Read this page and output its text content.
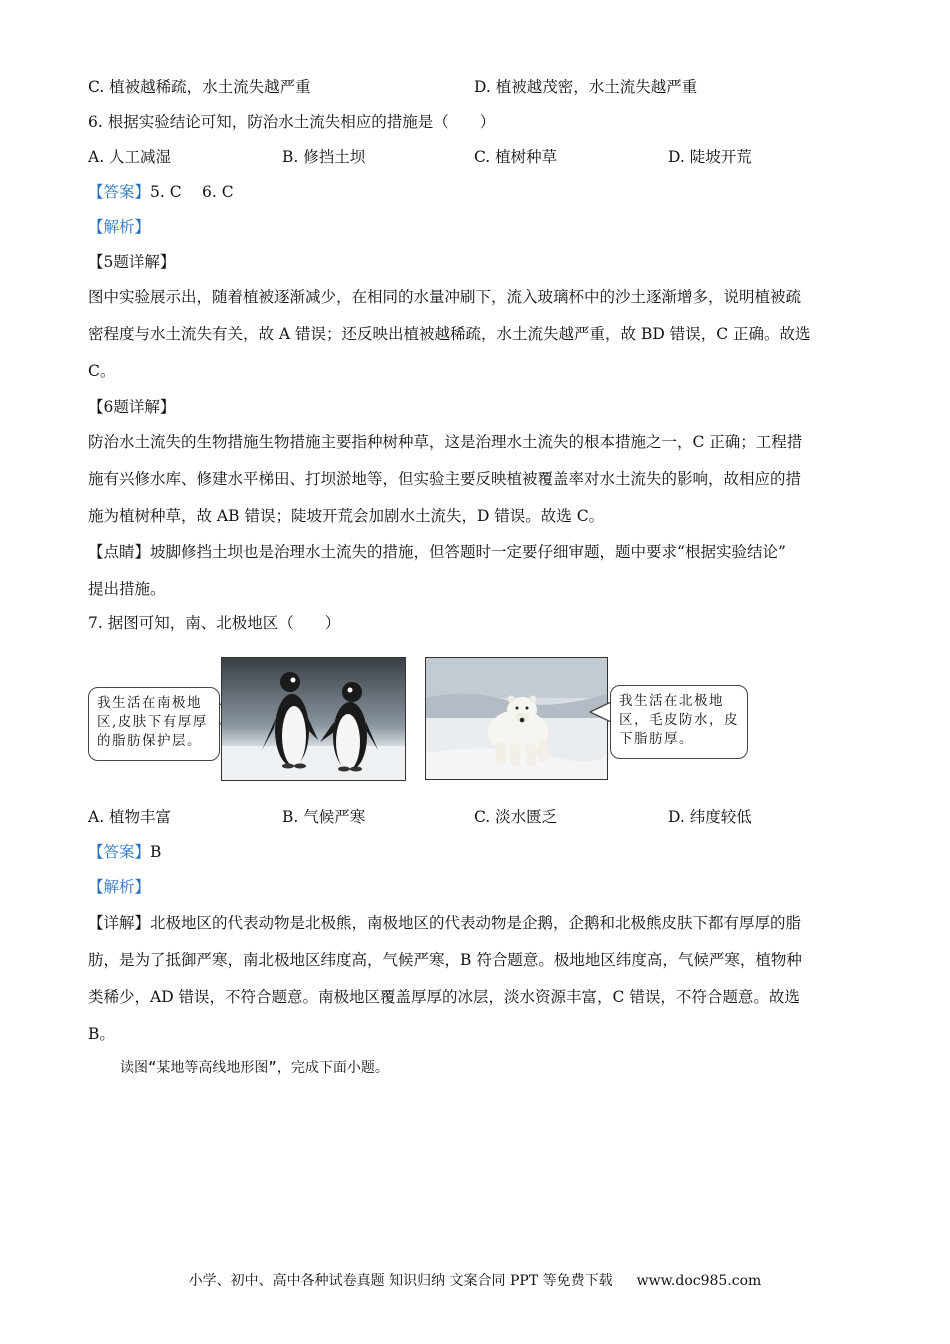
C. 植被越稀疏，水土流失越严重	D. 植被越茂密，水土流失越严重
6. 根据实验结论可知，防治水土流失相应的措施是（　　）
A. 人工减湿	B. 修挡土坝	C. 植树种草	D. 陡坡开荒
【答案】5. C　 6. C
【解析】
【5题详解】
图中实验展示出，随着植被逐渐减少，在相同的水量冲刷下，流入玻璃杯中的沙土逐渐增多，说明植被疏
密程度与水土流失有关，故 A 错误；还反映出植被越稀疏，水土流失越严重，故 BD 错误，C 正确。故选
C。
【6题详解】
防治水土流失的生物措施生物措施主要指种树种草，这是治理水土流失的根本措施之一，C 正确；工程措
施有兴修水库、修建水平梯田、打坝淤地等，但实验主要反映植被覆盖率对水土流失的影响，故相应的措
施为植树种草，故 AB 错误；陡坡开荒会加剧水土流失，D 错误。故选 C。
【点睛】坡脚修挡土坝也是治理水土流失的措施，但答题时一定要仔细审题，题中要求“根据实验结论”
提出措施。
7. 据图可知，南、北极地区（　　）
我生活在南极地
区,皮肤下有厚厚
的脂肪保护层。
我生活在北极地
区，毛皮防水，皮
下脂肪厚。
A. 植物丰富	B. 气候严寒	C. 淡水匮乏	D. 纬度较低
【答案】B
【解析】
【详解】北极地区的代表动物是北极熊，南极地区的代表动物是企鹅，企鹅和北极熊皮肤下都有厚厚的脂
肪，是为了抵御严寒，南北极地区纬度高，气候严寒，B 符合题意。极地地区纬度高，气候严寒，植物种
类稀少，AD 错误，不符合题意。南极地区覆盖厚厚的冰层，淡水资源丰富，C 错误，不符合题意。故选
B。
读图“某地等高线地形图”，完成下面小题。
小学、初中、高中各种试卷真题 知识归纳 文案合同 PPT 等免费下载 www.doc985.com
